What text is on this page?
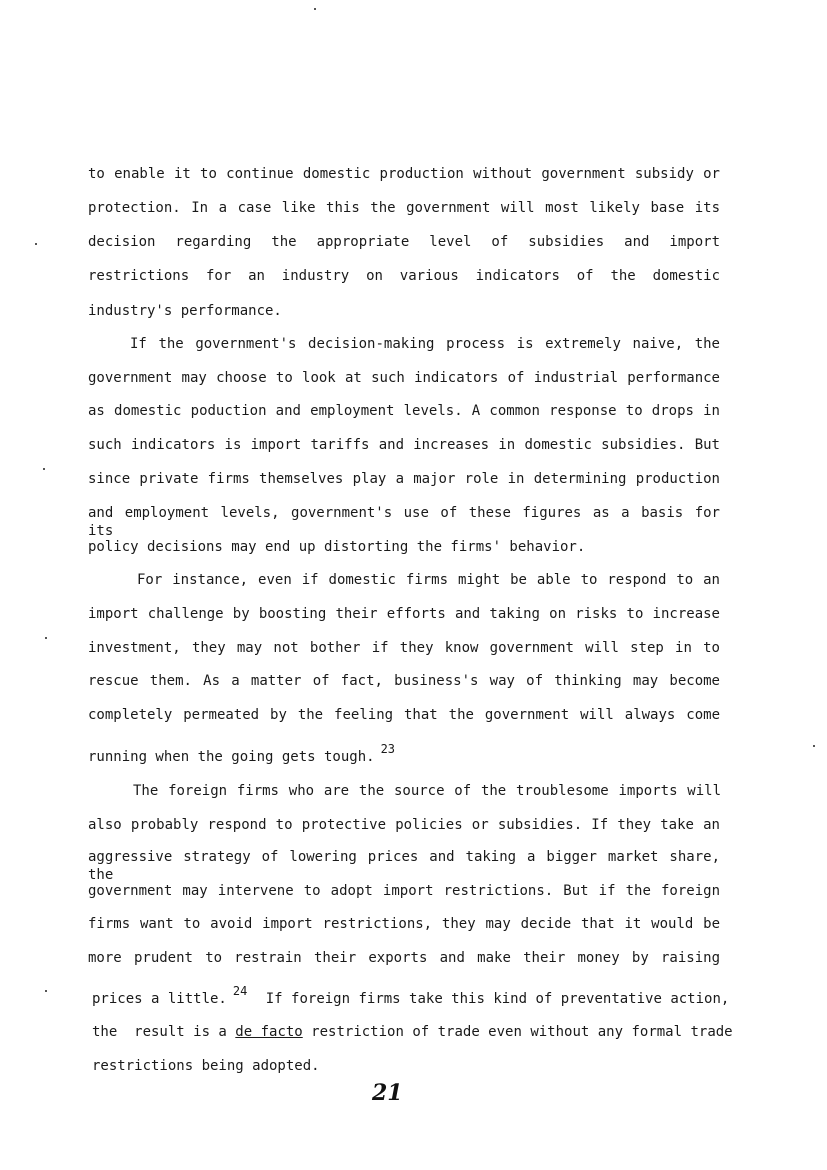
to enable it to continue domestic production without government subsidy or
protection. In a case like this the government will most likely base its
decision regarding the appropriate level of subsidies and import
restrictions for an industry on various indicators of the domestic
industry's performance.
If the government's decision-making process is extremely naive, the
government may choose to look at such indicators of industrial performance
as domestic poduction and employment levels. A common response to drops in
such indicators is import tariffs and increases in domestic subsidies. But
since private firms themselves play a major role in determining production
and employment levels, government's use of these figures as a basis for its
policy decisions may end up distorting the firms' behavior.
For instance, even if domestic firms might be able to respond to an
import challenge by boosting their efforts and taking on risks to increase
investment, they may not bother if they know government will step in to
rescue them. As a matter of fact, business's way of thinking may become
completely permeated by the feeling that the government will always come
running when the going gets tough. $^{23}$
The foreign firms who are the source of the troublesome imports will
also probably respond to protective policies or subsidies. If they take an
aggressive strategy of lowering prices and taking a bigger market share, the
government may intervene to adopt import restrictions. But if the foreign
firms want to avoid import restrictions, they may decide that it would be
more prudent to restrain their exports and make their money by raising
prices a little. $^{24}$ If foreign firms take this kind of preventative action,
the  result is a de facto restriction of trade even without any formal trade
restrictions being adopted.
21
